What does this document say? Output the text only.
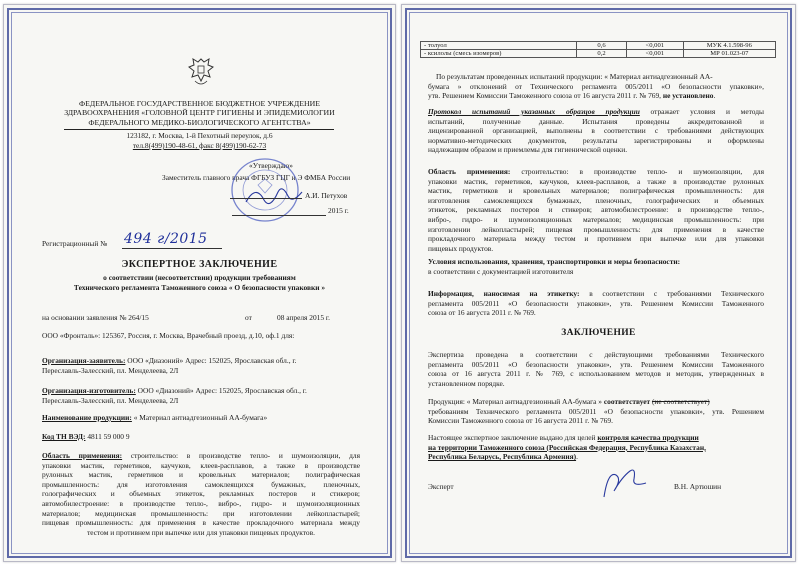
ФЕДЕРАЛЬНОЕ ГОСУДАРСТВЕННОЕ БЮДЖЕТНОЕ УЧРЕЖДЕНИЕ
ЗДРАВООХРАНЕНИЯ «ГОЛОВНОЙ ЦЕНТР ГИГИЕНЫ И ЭПИДЕМИОЛОГИИ
ФЕДЕРАЛЬНОГО МЕДИКО-БИОЛОГИЧЕСКОГО АГЕНТСТВА»
123182, г. Москва, 1-й Пехотный переулок, д.6
тел.8(499)190-48-61, факс 8(499)190-62-73
«Утверждаю»
Заместитель главного врача ФГБУЗ ГЦГ и Э ФМБА России
А.И. Петухов
2015 г.
Регистрационный № 494 г/2015
ЭКСПЕРТНОЕ ЗАКЛЮЧЕНИЕ
о соответствии (несоответствии) продукции требованиям
Технического регламента Таможенного союза « О безопасности упаковки »
на основании заявления № 264/15	от	08 апреля 2015 г.
ООО «Фронталь»: 125367, Россия, г. Москва, Врачебный проезд, д.10, оф.1 для:
Организация-заявитель: ООО «Диазоний» Адрес: 152025, Ярославская обл., г.
Переславль-Залесский, пл. Менделеева, 2Л
Организация-изготовитель: ООО «Диазоний» Адрес: 152025, Ярославская обл., г.
Переславль-Залесский, пл. Менделеева, 2Л
Наименование продукции: « Материал антиадгезионный АА-бумага»
Код ТН ВЭД: 4811 59 000 9
Область применения: строительство: в производстве тепло- и шумоизоляции, для
упаковки мастик, герметиков, каучуков, клеев-расплавов, а также в производстве
рулонных мастик, герметиков и кровельных материалов; полиграфическая
промышленность: для изготовления самоклеящихся бумажных, пленочных,
голографических и объемных этикеток, рекламных постеров и стикеров;
автомобилестроение: в производстве тепло-, вибро-, гидро- и шумоизоляционных
материалов; медицинская промышленность: при изготовлении лейкопластырей;
пищевая промышленность: для применения в качестве прокладочного материала между
тестом и противнем при выпечке или для упаковки пищевых продуктов.
- толуол	0,6	<0,001	МУК 4.1.598-96
- ксилолы (смесь изомеров)	0,2	<0,001	МР 01.023-07
По результатам проведенных испытаний продукции: « Материал антиадгезионный АА-
бумага » отклонений от Технического регламента 005/2011 «О безопасности упаковки»,
утв. Решением Комиссии Таможенного союза от 16 августа 2011 г. № 769, не установлено.
Протокол испытаний указанных образцов продукции отражает условия и методы
испытаний, полученные данные. Испытания проведены аккредитованной и
лицензированной организацией, выполнены в соответствии с требованиями действующих
нормативно-методических документов, результаты зарегистрированы и оформлены
надлежащим образом и приемлемы для гигиенической оценки.
Область применения: строительство: в производстве тепло- и шумоизоляции, для
упаковки мастик, герметиков, каучуков, клеев-расплавов, а также в производстве рулонных
мастик, герметиков и кровельных материалов; полиграфическая промышленность: для
изготовления самоклеящихся бумажных, пленочных, голографических и объемных
этикеток, рекламных постеров и стикеров; автомобилестроение: в производстве тепло-,
вибро-, гидро- и шумоизоляционных материалов; медицинская промышленность: при
изготовлении лейкопластырей; пищевая промышленность: для применения в качестве
прокладочного материала между тестом и противнем при выпечке или для упаковки
пищевых продуктов.
Условия использования, хранения, транспортировки и меры безопасности:
в соответствии с документацией изготовителя
Информация, наносимая на этикетку: в соответствии с требованиями Технического
регламента 005/2011 «О безопасности упаковки», утв. Решением Комиссии Таможенного
союза от 16 августа 2011 г. № 769.
ЗАКЛЮЧЕНИЕ
Экспертиза проведена в соответствии с действующими требованиями Технического
регламента 005/2011 «О безопасности упаковки», утв. Решением Комиссии Таможенного
союза от 16 августа 2011 г. № 769, с использованием методов и методик, утвержденных в
установленном порядке.
Продукция: « Материал антиадгезионный АА-бумага » соответствует (не соответствует)
требованиям Технического регламента 005/2011 «О безопасности упаковки», утв. Решением
Комиссии Таможенного союза от 16 августа 2011 г. № 769.
Настоящее экспертное заключение выдано для целей контроля качества продукции
на территории Таможенного союза (Российская Федерация, Республика Казахстан,
Республика Беларусь, Республика Армения).
Эксперт	В.Н. Артюшин
